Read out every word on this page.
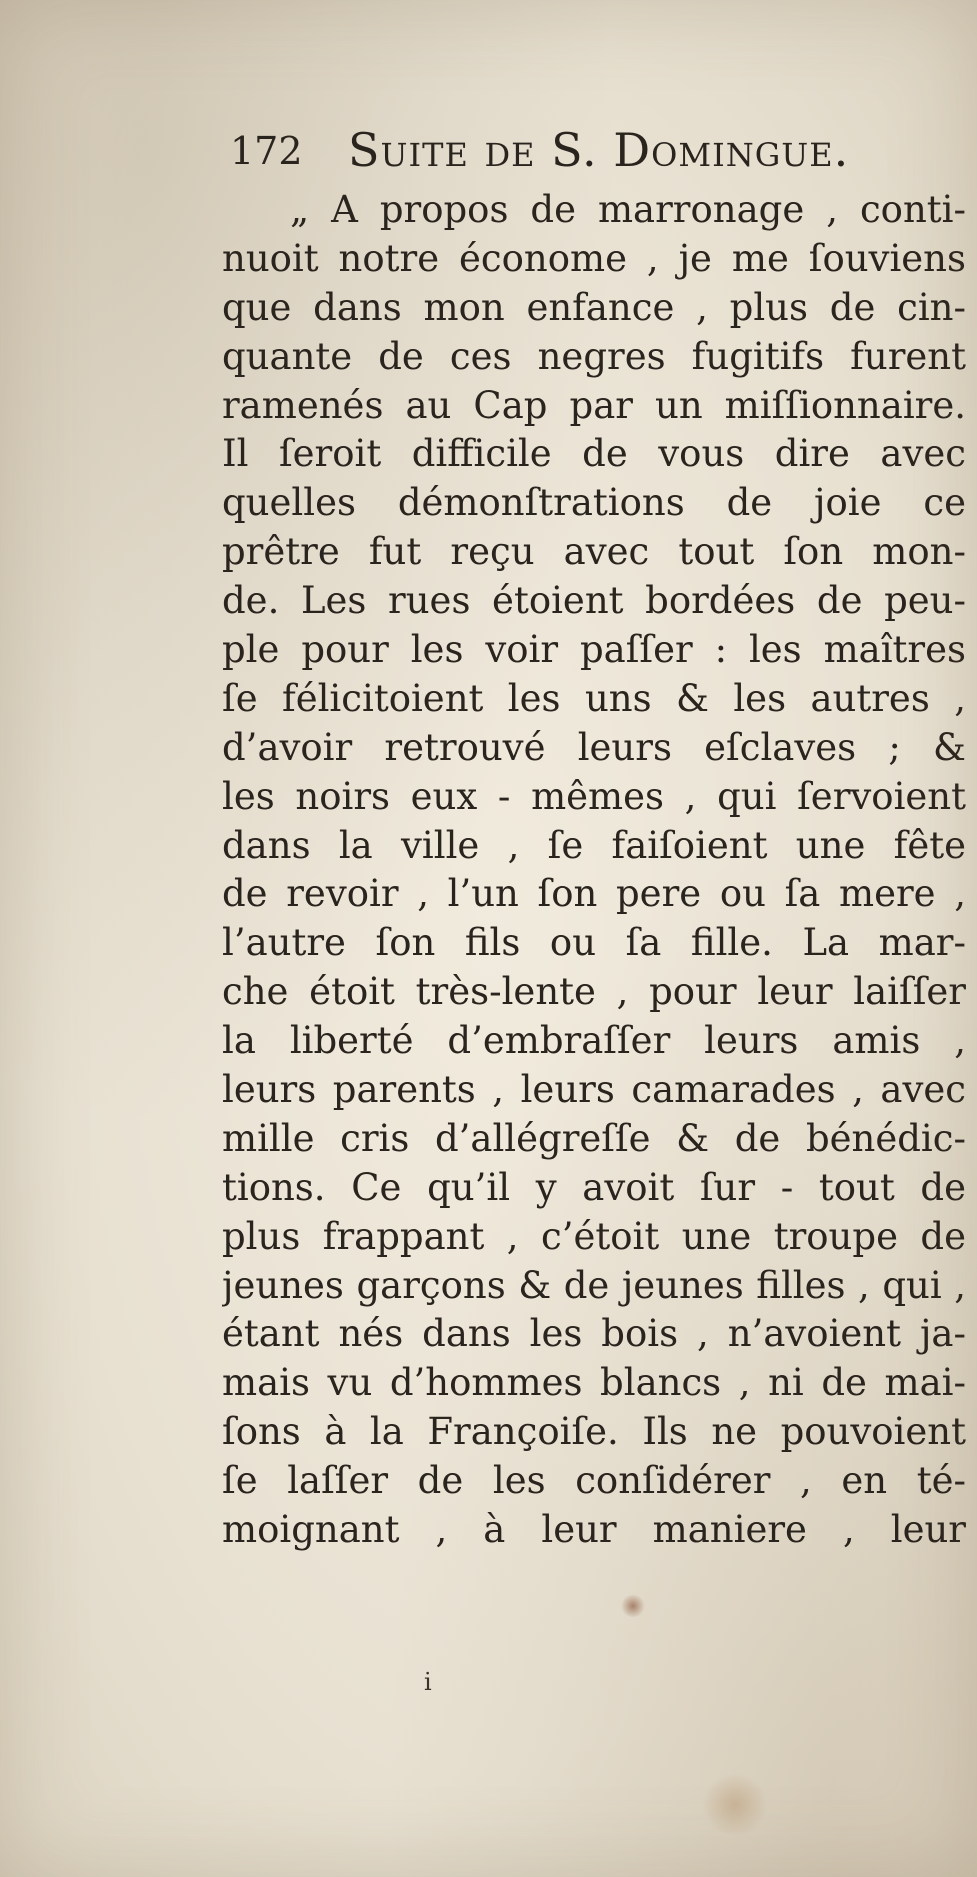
172 Suite de S. Domingue.
„ A propos de marronage , conti-
nuoit notre économe , je me ſouviens
que dans mon enfance , plus de cin-
quante de ces negres fugitifs furent
ramenés au Cap par un miſſionnaire.
Il ſeroit difficile de vous dire avec
quelles démonſtrations de joie ce
prêtre fut reçu avec tout ſon mon-
de. Les rues étoient bordées de peu-
ple pour les voir paſſer : les maîtres
ſe félicitoient les uns & les autres ,
d’avoir retrouvé leurs eſclaves ; &
les noirs eux - mêmes , qui ſervoient
dans la ville , ſe faiſoient une fête
de revoir , l’un ſon pere ou ſa mere ,
l’autre ſon fils ou ſa fille. La mar-
che étoit très-lente , pour leur laiſſer
la liberté d’embraſſer leurs amis ,
leurs parents , leurs camarades , avec
mille cris d’allégreſſe & de bénédic-
tions. Ce qu’il y avoit ſur - tout de
plus frappant , c’étoit une troupe de
jeunes garçons & de jeunes filles , qui ,
étant nés dans les bois , n’avoient ja-
mais vu d’hommes blancs , ni de mai-
ſons à la Françoiſe. Ils ne pouvoient
ſe laſſer de les conſidérer , en té-
moignant , à leur maniere , leur
i
